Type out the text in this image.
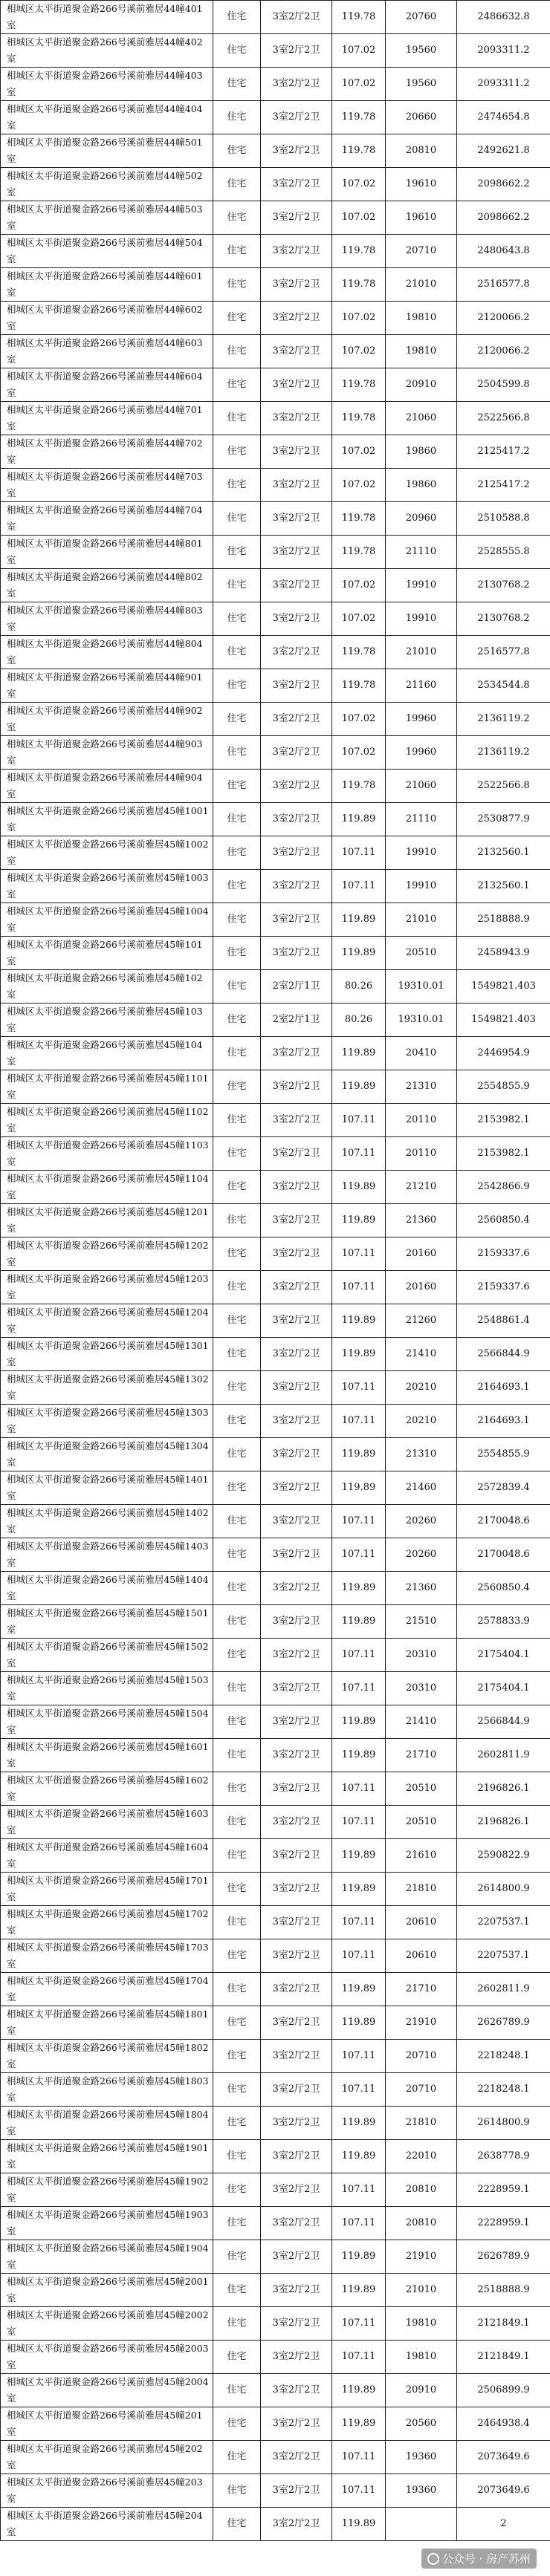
相城区太平街道聚金路266号溪前雅居44幢401室	住宅	3室2厅2卫	119.78	20760	2486632.8
相城区太平街道聚金路266号溪前雅居44幢402室	住宅	3室2厅2卫	107.02	19560	2093311.2
相城区太平街道聚金路266号溪前雅居44幢403室	住宅	3室2厅2卫	107.02	19560	2093311.2
相城区太平街道聚金路266号溪前雅居44幢404室	住宅	3室2厅2卫	119.78	20660	2474654.8
相城区太平街道聚金路266号溪前雅居44幢501室	住宅	3室2厅2卫	119.78	20810	2492621.8
相城区太平街道聚金路266号溪前雅居44幢502室	住宅	3室2厅2卫	107.02	19610	2098662.2
相城区太平街道聚金路266号溪前雅居44幢503室	住宅	3室2厅2卫	107.02	19610	2098662.2
相城区太平街道聚金路266号溪前雅居44幢504室	住宅	3室2厅2卫	119.78	20710	2480643.8
相城区太平街道聚金路266号溪前雅居44幢601室	住宅	3室2厅2卫	119.78	21010	2516577.8
相城区太平街道聚金路266号溪前雅居44幢602室	住宅	3室2厅2卫	107.02	19810	2120066.2
相城区太平街道聚金路266号溪前雅居44幢603室	住宅	3室2厅2卫	107.02	19810	2120066.2
相城区太平街道聚金路266号溪前雅居44幢604室	住宅	3室2厅2卫	119.78	20910	2504599.8
相城区太平街道聚金路266号溪前雅居44幢701室	住宅	3室2厅2卫	119.78	21060	2522566.8
相城区太平街道聚金路266号溪前雅居44幢702室	住宅	3室2厅2卫	107.02	19860	2125417.2
相城区太平街道聚金路266号溪前雅居44幢703室	住宅	3室2厅2卫	107.02	19860	2125417.2
相城区太平街道聚金路266号溪前雅居44幢704室	住宅	3室2厅2卫	119.78	20960	2510588.8
相城区太平街道聚金路266号溪前雅居44幢801室	住宅	3室2厅2卫	119.78	21110	2528555.8
相城区太平街道聚金路266号溪前雅居44幢802室	住宅	3室2厅2卫	107.02	19910	2130768.2
相城区太平街道聚金路266号溪前雅居44幢803室	住宅	3室2厅2卫	107.02	19910	2130768.2
相城区太平街道聚金路266号溪前雅居44幢804室	住宅	3室2厅2卫	119.78	21010	2516577.8
相城区太平街道聚金路266号溪前雅居44幢901室	住宅	3室2厅2卫	119.78	21160	2534544.8
相城区太平街道聚金路266号溪前雅居44幢902室	住宅	3室2厅2卫	107.02	19960	2136119.2
相城区太平街道聚金路266号溪前雅居44幢903室	住宅	3室2厅2卫	107.02	19960	2136119.2
相城区太平街道聚金路266号溪前雅居44幢904室	住宅	3室2厅2卫	119.78	21060	2522566.8
相城区太平街道聚金路266号溪前雅居45幢1001室	住宅	3室2厅2卫	119.89	21110	2530877.9
相城区太平街道聚金路266号溪前雅居45幢1002室	住宅	3室2厅2卫	107.11	19910	2132560.1
相城区太平街道聚金路266号溪前雅居45幢1003室	住宅	3室2厅2卫	107.11	19910	2132560.1
相城区太平街道聚金路266号溪前雅居45幢1004室	住宅	3室2厅2卫	119.89	21010	2518888.9
相城区太平街道聚金路266号溪前雅居45幢101室	住宅	3室2厅2卫	119.89	20510	2458943.9
相城区太平街道聚金路266号溪前雅居45幢102室	住宅	2室2厅1卫	80.26	19310.01	1549821.403
相城区太平街道聚金路266号溪前雅居45幢103室	住宅	2室2厅1卫	80.26	19310.01	1549821.403
相城区太平街道聚金路266号溪前雅居45幢104室	住宅	3室2厅2卫	119.89	20410	2446954.9
相城区太平街道聚金路266号溪前雅居45幢1101室	住宅	3室2厅2卫	119.89	21310	2554855.9
相城区太平街道聚金路266号溪前雅居45幢1102室	住宅	3室2厅2卫	107.11	20110	2153982.1
相城区太平街道聚金路266号溪前雅居45幢1103室	住宅	3室2厅2卫	107.11	20110	2153982.1
相城区太平街道聚金路266号溪前雅居45幢1104室	住宅	3室2厅2卫	119.89	21210	2542866.9
相城区太平街道聚金路266号溪前雅居45幢1201室	住宅	3室2厅2卫	119.89	21360	2560850.4
相城区太平街道聚金路266号溪前雅居45幢1202室	住宅	3室2厅2卫	107.11	20160	2159337.6
相城区太平街道聚金路266号溪前雅居45幢1203室	住宅	3室2厅2卫	107.11	20160	2159337.6
相城区太平街道聚金路266号溪前雅居45幢1204室	住宅	3室2厅2卫	119.89	21260	2548861.4
相城区太平街道聚金路266号溪前雅居45幢1301室	住宅	3室2厅2卫	119.89	21410	2566844.9
相城区太平街道聚金路266号溪前雅居45幢1302室	住宅	3室2厅2卫	107.11	20210	2164693.1
相城区太平街道聚金路266号溪前雅居45幢1303室	住宅	3室2厅2卫	107.11	20210	2164693.1
相城区太平街道聚金路266号溪前雅居45幢1304室	住宅	3室2厅2卫	119.89	21310	2554855.9
相城区太平街道聚金路266号溪前雅居45幢1401室	住宅	3室2厅2卫	119.89	21460	2572839.4
相城区太平街道聚金路266号溪前雅居45幢1402室	住宅	3室2厅2卫	107.11	20260	2170048.6
相城区太平街道聚金路266号溪前雅居45幢1403室	住宅	3室2厅2卫	107.11	20260	2170048.6
相城区太平街道聚金路266号溪前雅居45幢1404室	住宅	3室2厅2卫	119.89	21360	2560850.4
相城区太平街道聚金路266号溪前雅居45幢1501室	住宅	3室2厅2卫	119.89	21510	2578833.9
相城区太平街道聚金路266号溪前雅居45幢1502室	住宅	3室2厅2卫	107.11	20310	2175404.1
相城区太平街道聚金路266号溪前雅居45幢1503室	住宅	3室2厅2卫	107.11	20310	2175404.1
相城区太平街道聚金路266号溪前雅居45幢1504室	住宅	3室2厅2卫	119.89	21410	2566844.9
相城区太平街道聚金路266号溪前雅居45幢1601室	住宅	3室2厅2卫	119.89	21710	2602811.9
相城区太平街道聚金路266号溪前雅居45幢1602室	住宅	3室2厅2卫	107.11	20510	2196826.1
相城区太平街道聚金路266号溪前雅居45幢1603室	住宅	3室2厅2卫	107.11	20510	2196826.1
相城区太平街道聚金路266号溪前雅居45幢1604室	住宅	3室2厅2卫	119.89	21610	2590822.9
相城区太平街道聚金路266号溪前雅居45幢1701室	住宅	3室2厅2卫	119.89	21810	2614800.9
相城区太平街道聚金路266号溪前雅居45幢1702室	住宅	3室2厅2卫	107.11	20610	2207537.1
相城区太平街道聚金路266号溪前雅居45幢1703室	住宅	3室2厅2卫	107.11	20610	2207537.1
相城区太平街道聚金路266号溪前雅居45幢1704室	住宅	3室2厅2卫	119.89	21710	2602811.9
相城区太平街道聚金路266号溪前雅居45幢1801室	住宅	3室2厅2卫	119.89	21910	2626789.9
相城区太平街道聚金路266号溪前雅居45幢1802室	住宅	3室2厅2卫	107.11	20710	2218248.1
相城区太平街道聚金路266号溪前雅居45幢1803室	住宅	3室2厅2卫	107.11	20710	2218248.1
相城区太平街道聚金路266号溪前雅居45幢1804室	住宅	3室2厅2卫	119.89	21810	2614800.9
相城区太平街道聚金路266号溪前雅居45幢1901室	住宅	3室2厅2卫	119.89	22010	2638778.9
相城区太平街道聚金路266号溪前雅居45幢1902室	住宅	3室2厅2卫	107.11	20810	2228959.1
相城区太平街道聚金路266号溪前雅居45幢1903室	住宅	3室2厅2卫	107.11	20810	2228959.1
相城区太平街道聚金路266号溪前雅居45幢1904室	住宅	3室2厅2卫	119.89	21910	2626789.9
相城区太平街道聚金路266号溪前雅居45幢2001室	住宅	3室2厅2卫	119.89	21010	2518888.9
相城区太平街道聚金路266号溪前雅居45幢2002室	住宅	3室2厅2卫	107.11	19810	2121849.1
相城区太平街道聚金路266号溪前雅居45幢2003室	住宅	3室2厅2卫	107.11	19810	2121849.1
相城区太平街道聚金路266号溪前雅居45幢2004室	住宅	3室2厅2卫	119.89	20910	2506899.9
相城区太平街道聚金路266号溪前雅居45幢201室	住宅	3室2厅2卫	119.89	20560	2464938.4
相城区太平街道聚金路266号溪前雅居45幢202室	住宅	3室2厅2卫	107.11	19360	2073649.6
相城区太平街道聚金路266号溪前雅居45幢203室	住宅	3室2厅2卫	107.11	19360	2073649.6
相城区太平街道聚金路266号溪前雅居45幢204室	住宅	3室2厅2卫	119.89		2
公众号 · 房产苏州
